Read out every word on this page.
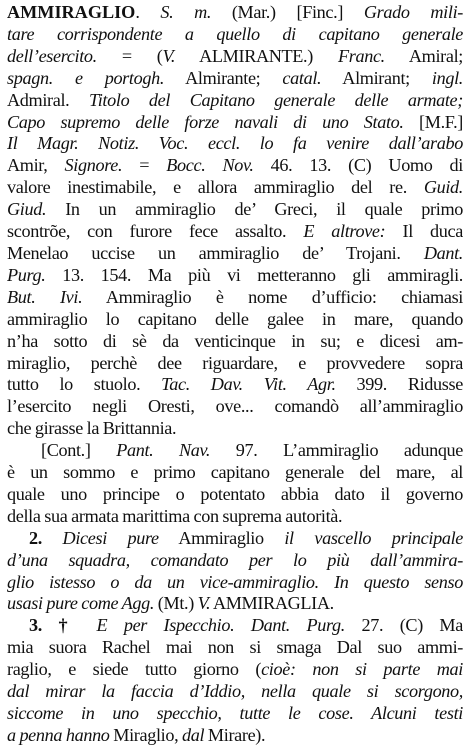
AMMIRAGLIO. S. m. (Mar.) [Finc.] Grado mili-
tare corrispondente a quello di capitano generale
dell’esercito. = (V. ALMIRANTE.) Franc. Amiral;
spagn. e portogh. Almirante; catal. Almirant; ingl.
Admiral. Titolo del Capitano generale delle armate;
Capo supremo delle forze navali di uno Stato. [M.F.]
Il Magr. Notiz. Voc. eccl. lo fa venire dall’arabo
Amir, Signore. = Bocc. Nov. 46. 13. (C) Uomo di
valore inestimabile, e allora ammiraglio del re. Guid.
Giud. In un ammiraglio de’ Greci, il quale primo
scontrõe, con furore fece assalto. E altrove: Il duca
Menelao uccise un ammiraglio de’ Trojani. Dant.
Purg. 13. 154. Ma più vi metteranno gli ammiragli.
But. Ivi. Ammiraglio è nome d’ufficio: chiamasi
ammiraglio lo capitano delle galee in mare, quando
n’ha sotto di sè da venticinque in su; e dicesi am-
miraglio, perchè dee riguardare, e provvedere sopra
tutto lo stuolo. Tac. Dav. Vit. Agr. 399. Ridusse
l’esercito negli Oresti, ove... comandò all’ammiraglio
che girasse la Brittannia.
[Cont.] Pant. Nav. 97. L’ammiraglio adunque
è un sommo e primo capitano generale del mare, al
quale uno principe o potentato abbia dato il governo
della sua armata marittima con suprema autorità.
2. Dicesi pure Ammiraglio il vascello principale
d’una squadra, comandato per lo più dall’ammira-
glio istesso o da un vice-ammiraglio. In questo senso
usasi pure come Agg. (Mt.) V. AMMIRAGLIA.
3. † E per Ispecchio. Dant. Purg. 27. (C) Ma
mia suora Rachel mai non si smaga Dal suo ammi-
raglio, e siede tutto giorno (cioè: non si parte mai
dal mirar la faccia d’Iddio, nella quale si scorgono,
siccome in uno specchio, tutte le cose. Alcuni testi
a penna hanno Miraglio, dal Mirare).
